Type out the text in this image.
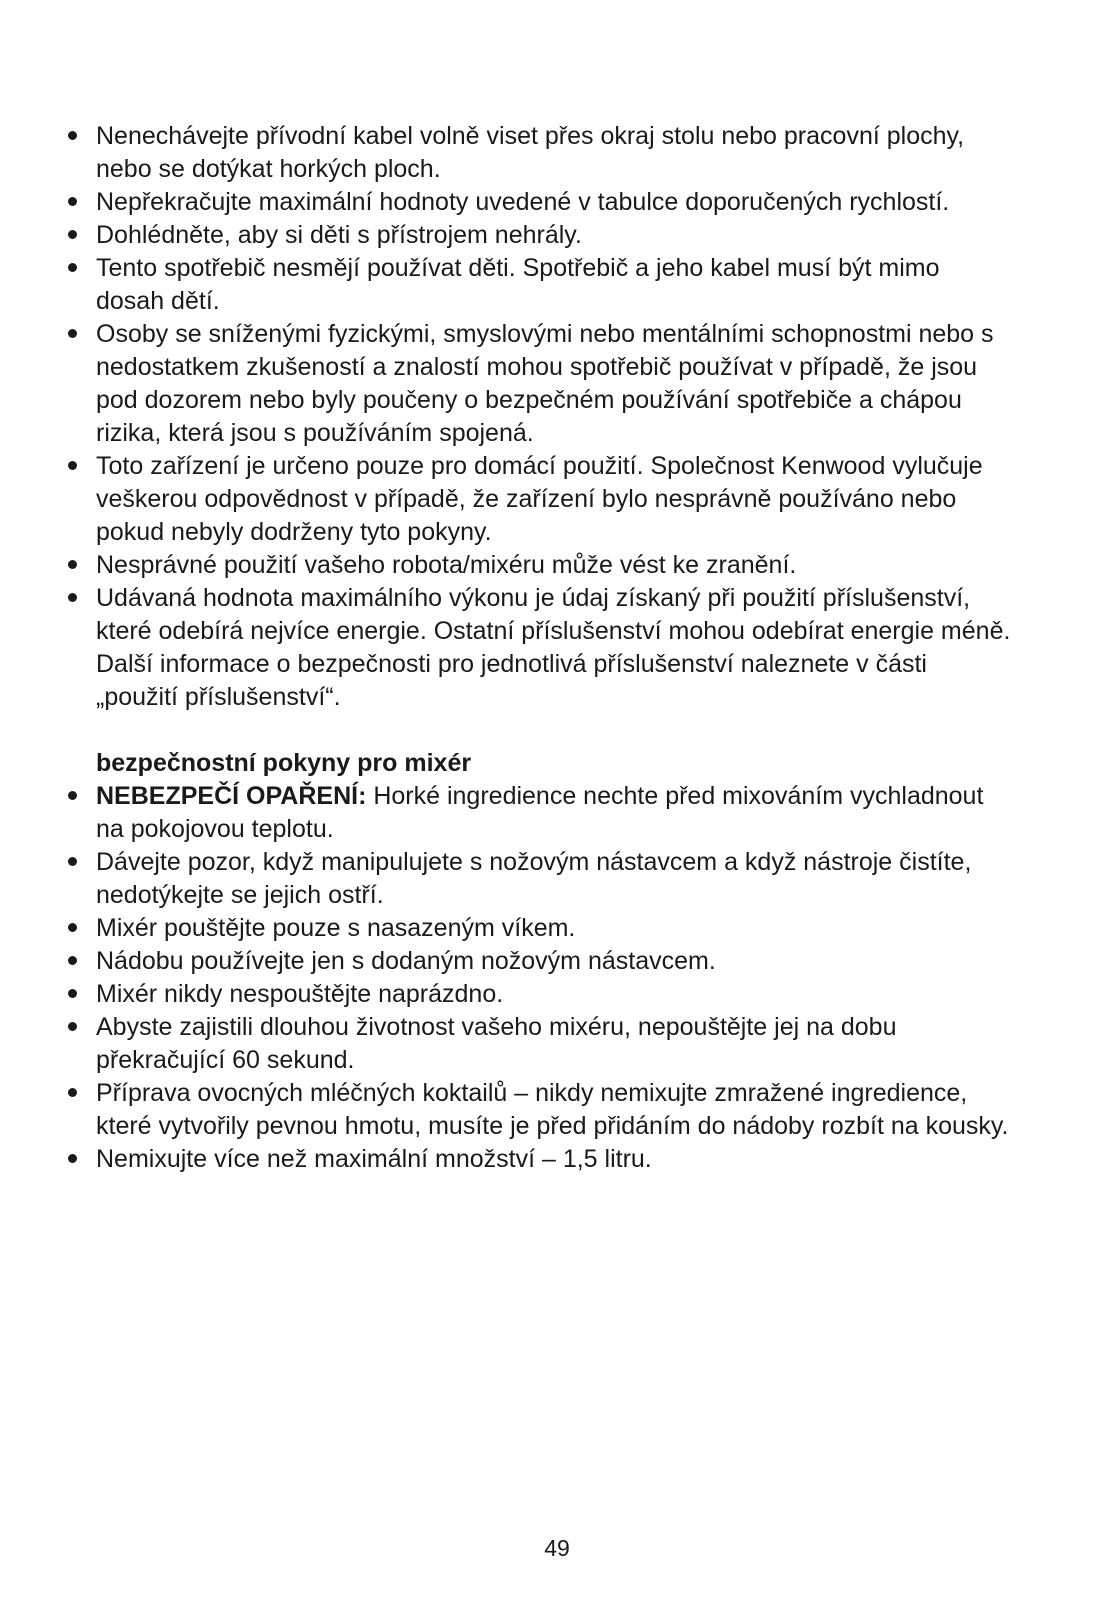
Nenechávejte přívodní kabel volně viset přes okraj stolu nebo pracovní plochy, nebo se dotýkat horkých ploch.
Nepřekračujte maximální hodnoty uvedené v tabulce doporučených rychlostí.
Dohlédněte, aby si děti s přístrojem nehrály.
Tento spotřebič nesmějí používat děti. Spotřebič a jeho kabel musí být mimo dosah dětí.
Osoby se sníženými fyzickými, smyslovými nebo mentálními schopnostmi nebo s nedostatkem zkušeností a znalostí mohou spotřebič používat v případě, že jsou pod dozorem nebo byly poučeny o bezpečném používání spotřebiče a chápou rizika, která jsou s používáním spojená.
Toto zařízení je určeno pouze pro domácí použití. Společnost Kenwood vylučuje veškerou odpovědnost v případě, že zařízení bylo nesprávně používáno nebo pokud nebyly dodrženy tyto pokyny.
Nesprávné použití vašeho robota/mixéru může vést ke zranění.
Udávaná hodnota maximálního výkonu je údaj získaný při použití příslušenství, které odebírá nejvíce energie. Ostatní příslušenství mohou odebírat energie méně.

Další informace o bezpečnosti pro jednotlivá příslušenství naleznete v části „použití příslušenství“.

bezpečnostní pokyny pro mixér
NEBEZPEČÍ OPAŘENÍ: Horké ingredience nechte před mixováním vychladnout na pokojovou teplotu.
Dávejte pozor, když manipulujete s nožovým nástavcem a když nástroje čistíte, nedotýkejte se jejich ostří.
Mixér pouštějte pouze s nasazeným víkem.
Nádobu používejte jen s dodaným nožovým nástavcem.
Mixér nikdy nespouštějte naprázdno.
Abyste zajistili dlouhou životnost vašeho mixéru, nepouštějte jej na dobu překračující 60 sekund.
Příprava ovocných mléčných koktailů – nikdy nemixujte zmražené ingredience, které vytvořily pevnou hmotu, musíte je před přidáním do nádoby rozbít na kousky.
Nemixujte více než maximální množství – 1,5 litru.
49
